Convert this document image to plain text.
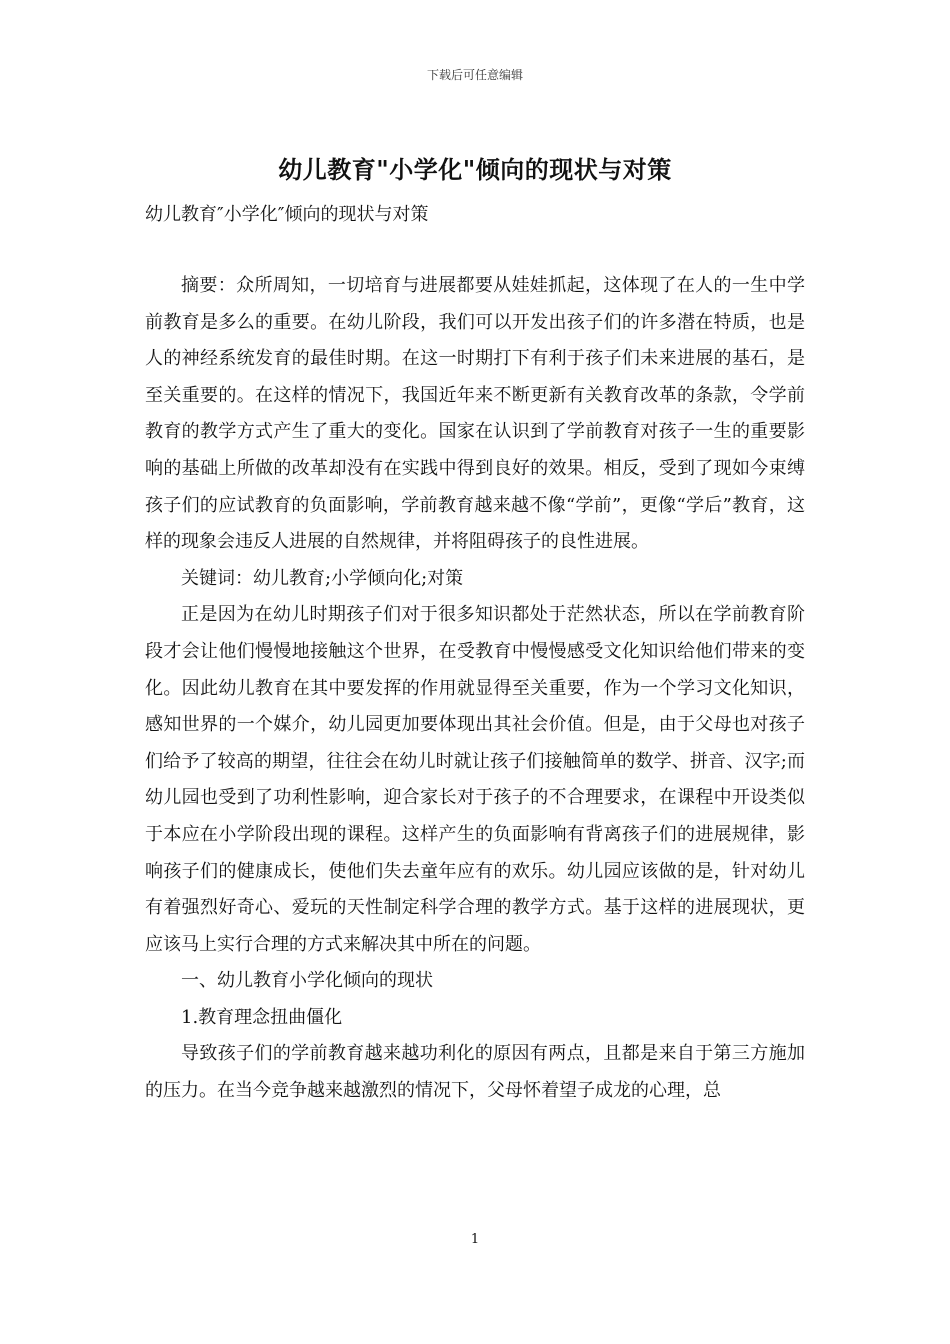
下载后可任意编辑
幼儿教育"小学化"倾向的现状与对策
幼儿教育″小学化″倾向的现状与对策

摘要：众所周知，一切培育与进展都要从娃娃抓起，这体现了在人的一生中学前教育是多么的重要。在幼儿阶段，我们可以开发出孩子们的许多潜在特质，也是人的神经系统发育的最佳时期。在这一时期打下有利于孩子们未来进展的基石，是至关重要的。在这样的情况下，我国近年来不断更新有关教育改革的条款，令学前教育的教学方式产生了重大的变化。国家在认识到了学前教育对孩子一生的重要影响的基础上所做的改革却没有在实践中得到良好的效果。相反，受到了现如今束缚孩子们的应试教育的负面影响，学前教育越来越不像“学前”，更像“学后”教育，这样的现象会违反人进展的自然规律，并将阻碍孩子的良性进展。

关键词：幼儿教育;小学倾向化;对策

正是因为在幼儿时期孩子们对于很多知识都处于茫然状态，所以在学前教育阶段才会让他们慢慢地接触这个世界，在受教育中慢慢感受文化知识给他们带来的变化。因此幼儿教育在其中要发挥的作用就显得至关重要，作为一个学习文化知识，感知世界的一个媒介，幼儿园更加要体现出其社会价值。但是，由于父母也对孩子们给予了较高的期望，往往会在幼儿时就让孩子们接触简单的数学、拼音、汉字;而幼儿园也受到了功利性影响，迎合家长对于孩子的不合理要求，在课程中开设类似于本应在小学阶段出现的课程。这样产生的负面影响有背离孩子们的进展规律，影响孩子们的健康成长，使他们失去童年应有的欢乐。幼儿园应该做的是，针对幼儿有着强烈好奇心、爱玩的天性制定科学合理的教学方式。基于这样的进展现状，更应该马上实行合理的方式来解决其中所在的问题。

一、幼儿教育小学化倾向的现状

1.教育理念扭曲僵化

导致孩子们的学前教育越来越功利化的原因有两点，且都是来自于第三方施加的压力。在当今竞争越来越激烈的情况下，父母怀着望子成龙的心理，总

1
